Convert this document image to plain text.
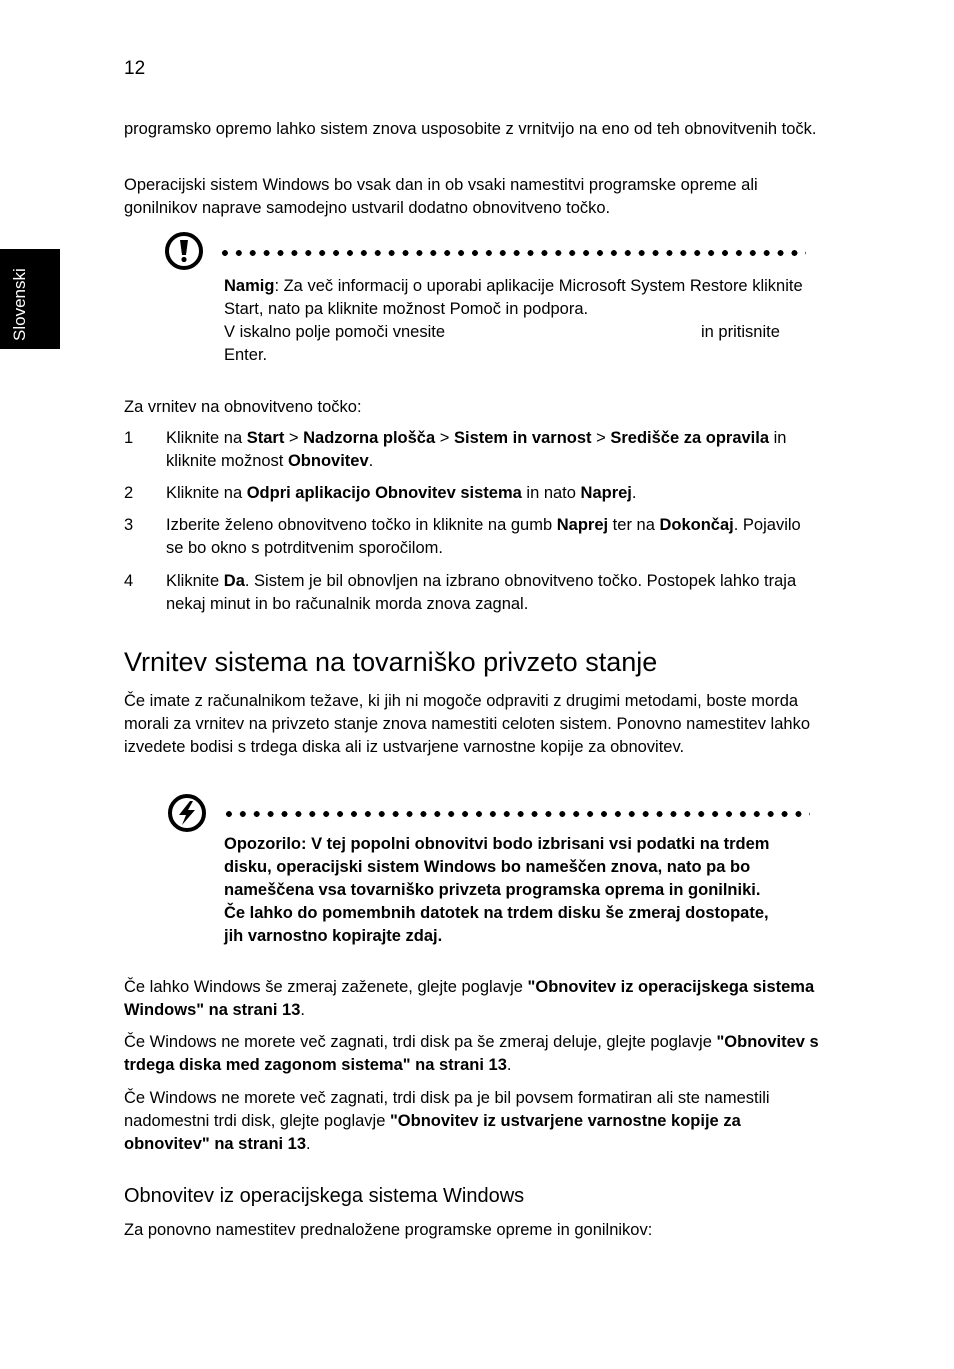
12
Slovenski

programsko opremo lahko sistem znova usposobite z vrnitvijo na eno od teh obnovitvenih točk.

Operacijski sistem Windows bo vsak dan in ob vsaki namestitvi programske opreme ali gonilnikov naprave samodejno ustvaril dodatno obnovitveno točko.

Namig: Za več informacij o uporabi aplikacije Microsoft System Restore kliknite Start, nato pa kliknite možnost Pomoč in podpora.
V iskalno polje pomoči vnesite	in pritisnite
Enter.
Za vrnitev na obnovitveno točko:
1 Kliknite na Start > Nadzorna plošča > Sistem in varnost > Središče za opravila in kliknite možnost Obnovitev.
2 Kliknite na Odpri aplikacijo Obnovitev sistema in nato Naprej.
3 Izberite želeno obnovitveno točko in kliknite na gumb Naprej ter na Dokončaj. Pojavilo se bo okno s potrditvenim sporočilom.
4 Kliknite Da. Sistem je bil obnovljen na izbrano obnovitveno točko. Postopek lahko traja nekaj minut in bo računalnik morda znova zagnal.
Vrnitev sistema na tovarniško privzeto stanje
Če imate z računalnikom težave, ki jih ni mogoče odpraviti z drugimi metodami, boste morda morali za vrnitev na privzeto stanje znova namestiti celoten sistem. Ponovno namestitev lahko izvedete bodisi s trdega diska ali iz ustvarjene varnostne kopije za obnovitev.
Opozorilo: V tej popolni obnovitvi bodo izbrisani vsi podatki na trdem disku, operacijski sistem Windows bo nameščen znova, nato pa bo nameščena vsa tovarniško privzeta programska oprema in gonilniki. Če lahko do pomembnih datotek na trdem disku še zmeraj dostopate, jih varnostno kopirajte zdaj.
Če lahko Windows še zmeraj zaženete, glejte poglavje "Obnovitev iz operacijskega sistema Windows" na strani 13.
Če Windows ne morete več zagnati, trdi disk pa še zmeraj deluje, glejte poglavje "Obnovitev s trdega diska med zagonom sistema" na strani 13.
Če Windows ne morete več zagnati, trdi disk pa je bil povsem formatiran ali ste namestili nadomestni trdi disk, glejte poglavje "Obnovitev iz ustvarjene varnostne kopije za obnovitev" na strani 13.
Obnovitev iz operacijskega sistema Windows
Za ponovno namestitev prednaložene programske opreme in gonilnikov:
